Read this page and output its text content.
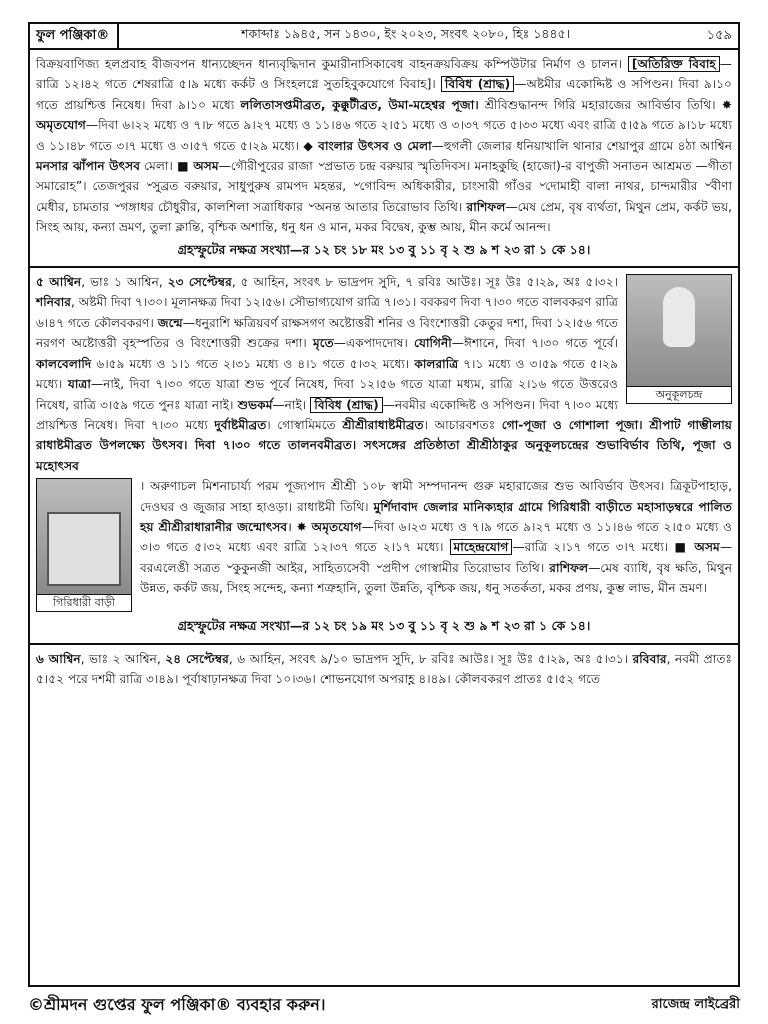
ফুল পঞ্জিকা®	শকাব্দাঃ ১৯৪৫, সন ১৪৩০, ইং ২০২৩, সংবৎ ২০৮০, হিঃ ১৪৪৫।	১৫৯

বিক্রয়বাণিজ্য হলপ্রবাহ বীজবপন ধান্যচ্ছেদন ধান্যবৃদ্ধিদান কুমারীনাসিকাবেধ বাহনক্রয়বিক্রয় কম্পিউটার নির্মাণ ও চালন। [অতিরিক্ত বিবাহ —রাত্রি ১২।৪২ গতে শেষরাত্রি ৫।৯ মধ্যে কর্কট ও সিংহলগ্নে সুতহিবুকযোগে বিবাহ]। বিবিধ (শ্রাদ্ধ) —অষ্টমীর একোদ্দিষ্ট ও সপিণ্ডন। দিবা ৯।১০ গতে প্রায়শ্চিত্ত নিষেধ। দিবা ৯।১০ মধ্যে ললিতাসপ্তমীব্রত, কুক্কুটীব্রত, উমা-মহেশ্বর পূজা। শ্রীবিশুদ্ধানন্দ গিরি মহারাজের আবির্ভাব তিথি। ✸ অমৃতযোগ—দিবা ৬।২২ মধ্যে ও ৭।৮ গতে ৯।২৭ মধ্যে ও ১১।৪৬ গতে ২।৫১ মধ্যে ও ৩।৩৭ গতে ৫।৩৩ মধ্যে এবং রাত্রি ৫।৫৯ গতে ৯।১৮ মধ্যে ও ১১।৪৮ গতে ৩।৭ মধ্যে ও ৩।৫৭ গতে ৫।২৯ মধ্যে। ◆ বাংলার উৎসব ও মেলা—হুগলী জেলার ধনিয়াখালি থানার শেয়াপুর গ্রামে ৪ঠা আশ্বিন মনসার ঝাঁপান উৎসব মেলা। ■ অসম—গৌরীপুরের রাজা ৺প্রভাত চন্দ্র বরুয়ার স্মৃতিদিবস। মনাহকুছি (হাজো)-র বাপুজী সনাতন আশ্রমত —গীতা সমারোহ”। তেজপুরর ৺সুব্রত বরুয়ার, সাধুপুরুষ রামপদ মহন্তর, ৺গোবিন্দ অধিকারীর, চাংসারী গাঁওর ৺দোমাহী বালা নাথর, চান্দমারীর ৺বীণা মেধীর, চামতার ৺গঙ্গাধর চৌধুরীর, কালশিলা সত্রাধিকার ৺অনন্ত আতার তিরোভাব তিথি। রাশিফল—মেষ প্রেম, বৃষ ব্যর্থতা, মিথুন প্রেম, কর্কট ভয়, সিংহ আয়, কন্যা ভ্রমণ, তুলা ক্লান্তি, বৃশ্চিক অশান্তি, ধনু ধন ও মান, মকর বিদ্বেষ, কুম্ভ আয়, মীন কর্মে আনন্দ।

গ্রহস্ফুটের নক্ষত্র সংখ্যা—র ১২ চং ১৮ মং ১৩ বু ১১ বৃ ২ শু ৯ শ ২৩ রা ১ কে ১৪।
অনুকূলচন্দ্র

৫ আশ্বিন, ভাঃ ১ আশ্বিন, ২৩ সেপ্টেম্বর, ৫ আহিন, সংবৎ ৮ ভাদ্রপদ সুদি, ৭ রবিঃ আউঃ। সূঃ উঃ ৫।২৯, অঃ ৫।৩২। শনিবার, অষ্টমী দিবা ৭।৩০। মূলানক্ষত্র দিবা ১২।৫৬। সৌভাগ্যযোগ রাত্রি ৭।৩১। ববকরণ দিবা ৭।৩০ গতে বালবকরণ রাত্রি ৬।৪৭ গতে কৌলবকরণ। জন্মে—ধনুরাশি ক্ষত্রিয়বর্ণ রাক্ষসগণ অষ্টোত্তরী শনির ও বিংশোত্তরী কেতুর দশা, দিবা ১২।৫৬ গতে নরগণ অষ্টোত্তরী বৃহস্পতির ও বিংশোত্তরী শুক্রের দশা। মৃতে—একপাদদোষ। যোগিনী—ঈশানে, দিবা ৭।৩০ গতে পূর্বে। কালবেলাদি ৬।৫৯ মধ্যে ও ১।১ গতে ২।৩১ মধ্যে ও ৪।১ গতে ৫।৩২ মধ্যে। কালরাত্রি ৭।১ মধ্যে ও ৩।৫৯ গতে ৫।২৯ মধ্যে। যাত্রা—নাই, দিবা ৭।৩০ গতে যাত্রা শুভ পূর্বে নিষেধ, দিবা ১২।৫৬ গতে যাত্রা মধ্যম, রাত্রি ২।১৬ গতে উত্তরেও নিষেধ, রাত্রি ৩।৫৯ গতে পুনঃ যাত্রা নাই। শুভকর্ম—নাই। বিবিধ (শ্রাদ্ধ) —নবমীর একোদ্দিষ্ট ও সপিণ্ডন। দিবা ৭।৩০ মধ্যে প্রায়শ্চিত্ত নিষেধ। দিবা ৭।৩০ মধ্যে দুর্বাষ্টমীব্রত। গোস্বামিমতে শ্রীশ্রীরাধাষ্টমীব্রত। আচারবশতঃ গো-পূজা ও গোশালা পূজা। শ্রীপাট গাম্ভীলায় রাধাষ্টমীব্রত উপলক্ষ্যে উৎসব। দিবা ৭।৩০ গতে তালনবমীব্রত। সৎসঙ্গের প্রতিষ্ঠাতা শ্রীশ্রীঠাকুর অনুকূলচন্দ্রের শুভাবির্ভাব তিথি, পূজা ও মহোৎসব

গিরিধারী বাড়ী

। অরুণাচল মিশনাচার্য্য পরম পূজ্যপাদ শ্রীশ্রী ১০৮ স্বামী সম্পদানন্দ গুরু মহারাজের শুভ আবির্ভাব উৎসব। ত্রিকূটপাহাড়, দেওঘর ও জুজার সাহা হাওড়া। রাধাষ্টমী তিথি। মুর্শিদাবাদ জেলার মানিক্যহার গ্রামে গিরিধারী বাড়ীতে মহাসাড়ম্বরে পালিত হয় শ্রীশ্রীরাধারানীর জন্মোৎসব। ✸ অমৃতযোগ—দিবা ৬।২৩ মধ্যে ও ৭।৯ গতে ৯।২৭ মধ্যে ও ১১।৪৬ গতে ২।৫০ মধ্যে ও ৩।৩ গতে ৫।৩২ মধ্যে এবং রাত্রি ১২।৩৭ গতে ২।১৭ মধ্যে। মাহেন্দ্রযোগ —রাত্রি ২।১৭ গতে ৩।৭ মধ্যে। ■ অসম— বরএলেঙী সত্রত ৺কুকুনজী আইর, সাহিত্যসেবী ৺প্রদীপ গোস্বামীর তিরোভাব তিথি। রাশিফল—মেষ ব্যাধি, বৃষ ক্ষতি, মিথুন উন্নত, কর্কট জয়, সিংহ সন্দেহ, কন্যা শত্রুহানি, তুলা উন্নতি, বৃশ্চিক জয়, ধনু সতর্কতা, মকর প্রণয়, কুম্ভ লাভ, মীন ভ্রমণ।

গ্রহস্ফুটের নক্ষত্র সংখ্যা—র ১২ চং ১৯ মং ১৩ বু ১১ বৃ ২ শু ৯ শ ২৩ রা ১ কে ১৪।

৬ আশ্বিন, ভাঃ ২ আশ্বিন, ২৪ সেপ্টেম্বর, ৬ আহিন, সংবৎ ৯/১০ ভাদ্রপদ সুদি, ৮ রবিঃ আউঃ। সূঃ উঃ ৫।২৯, অঃ ৫।৩১। রবিবার, নবমী প্রাতঃ ৫।৫২ পরে দশমী রাত্রি ৩।৪৯। পূর্বাষাঢ়ানক্ষত্র দিবা ১০।৩৬। শোভনযোগ অপরাহ্ণ ৪।৪৯। কৌলবকরণ প্রাতঃ ৫।৫২ গতে

©শ্রীমদন গুপ্তের ফুল পঞ্জিকা® ব্যবহার করুন।	রাজেন্দ্র লাইব্রেরী
